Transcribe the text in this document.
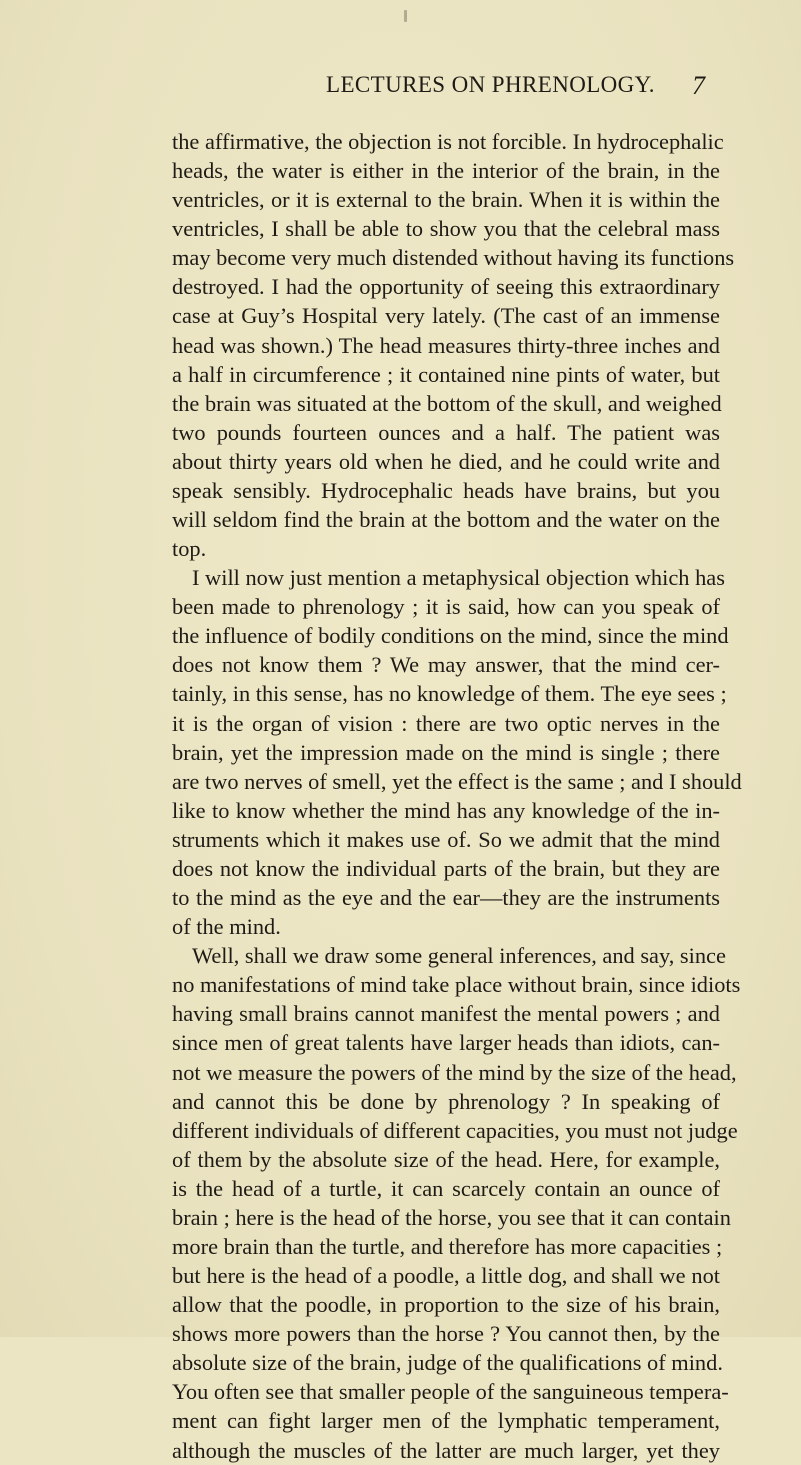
LECTURES ON PHRENOLOGY. 7
the affirmative, the objection is not forcible. In hydrocephalic
heads, the water is either in the interior of the brain, in the
ventricles, or it is external to the brain. When it is within the
ventricles, I shall be able to show you that the celebral mass
may become very much distended without having its functions
destroyed. I had the opportunity of seeing this extraordinary
case at Guy’s Hospital very lately. (The cast of an immense
head was shown.) The head measures thirty-three inches and
a half in circumference ; it contained nine pints of water, but
the brain was situated at the bottom of the skull, and weighed
two pounds fourteen ounces and a half. The patient was
about thirty years old when he died, and he could write and
speak sensibly. Hydrocephalic heads have brains, but you
will seldom find the brain at the bottom and the water on the
top.
I will now just mention a metaphysical objection which has
been made to phrenology ; it is said, how can you speak of
the influence of bodily conditions on the mind, since the mind
does not know them ? We may answer, that the mind cer-
tainly, in this sense, has no knowledge of them. The eye sees ;
it is the organ of vision : there are two optic nerves in the
brain, yet the impression made on the mind is single ; there
are two nerves of smell, yet the effect is the same ; and I should
like to know whether the mind has any knowledge of the in-
struments which it makes use of. So we admit that the mind
does not know the individual parts of the brain, but they are
to the mind as the eye and the ear—they are the instruments
of the mind.
Well, shall we draw some general inferences, and say, since
no manifestations of mind take place without brain, since idiots
having small brains cannot manifest the mental powers ; and
since men of great talents have larger heads than idiots, can-
not we measure the powers of the mind by the size of the head,
and cannot this be done by phrenology ? In speaking of
different individuals of different capacities, you must not judge
of them by the absolute size of the head. Here, for example,
is the head of a turtle, it can scarcely contain an ounce of
brain ; here is the head of the horse, you see that it can contain
more brain than the turtle, and therefore has more capacities ;
but here is the head of a poodle, a little dog, and shall we not
allow that the poodle, in proportion to the size of his brain,
shows more powers than the horse ? You cannot then, by the
absolute size of the brain, judge of the qualifications of mind.
You often see that smaller people of the sanguineous tempera-
ment can fight larger men of the lymphatic temperament,
although the muscles of the latter are much larger, yet they
